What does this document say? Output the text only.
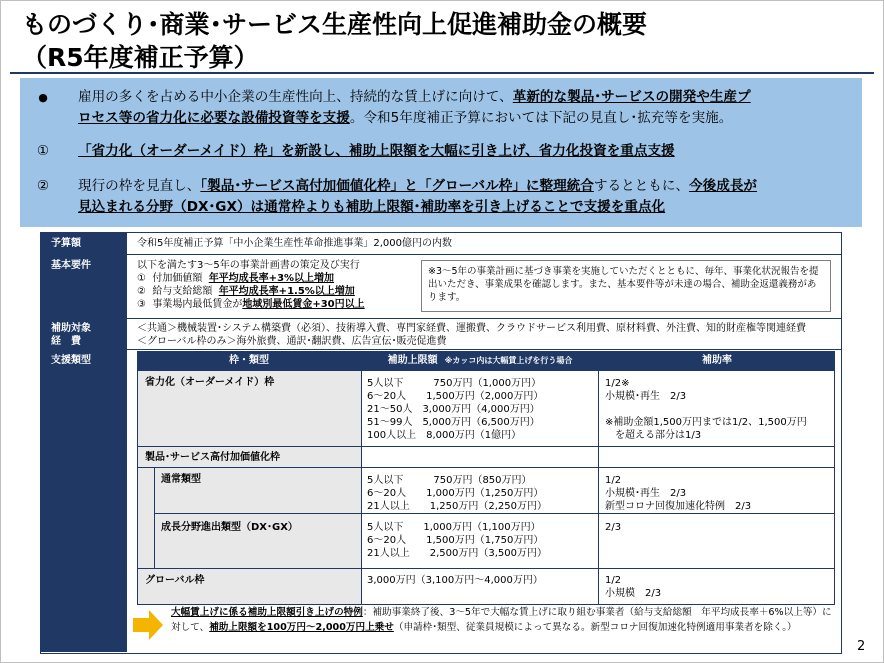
ものづくり･商業･サービス生産性向上促進補助金の概要
（R5年度補正予算）
●	雇用の多くを占める中小企業の生産性向上、持続的な賃上げに向けて、革新的な製品･サービスの開発や生産プ
ロセス等の省力化に必要な設備投資等を支援。令和5年度補正予算においては下記の見直し･拡充等を実施。
①	「省力化（オーダーメイド）枠」を新設し、補助上限額を大幅に引き上げ、省力化投資を重点支援
②	現行の枠を見直し、「製品･サービス高付加価値化枠」と「グローバル枠」に整理統合するとともに、今後成長が
見込まれる分野（DX･GX）は通常枠よりも補助上限額･補助率を引き上げることで支援を重点化
予算額	令和5年度補正予算「中小企業生産性革命推進事業」2,000億円の内数
基本要件	以下を満たす3～5年の事業計画書の策定及び実行
① 付加価値額 年平均成長率+3%以上増加
② 給与支給総額 年平均成長率+1.5%以上増加
③ 事業場内最低賃金が地域別最低賃金+30円以上
※3～5年の事業計画に基づき事業を実施していただくとともに、毎年、事業化状況報告を提出いただき、事業成果を確認します。また、基本要件等が未達の場合、補助金返還義務があります。
補助対象
経　費
＜共通＞機械装置･システム構築費（必須）、技術導入費、専門家経費、運搬費、クラウドサービス利用費、原材料費、外注費、知的財産権等関連経費
＜グローバル枠のみ＞海外旅費、通訳･翻訳費、広告宣伝･販売促進費
支援類型	枠・類型	補助上限額 ※カッコ内は大幅賃上げを行う場合	補助率
省力化（オーダーメイド）枠	5人以下　　　750万円（1,000万円）
6～20人　　1,500万円（2,000万円）
21～50人　3,000万円（4,000万円）
51～99人　5,000万円（6,500万円）
100人以上　8,000万円（1億円）
1/2※
小規模･再生　2/3
※補助金額1,500万円までは1/2、1,500万円
　を超える部分は1/3
製品･サービス高付加価値化枠
通常類型	5人以下　　　750万円（850万円）
6～20人　　1,000万円（1,250万円）
21人以上　　1,250万円（2,250万円）
1/2
小規模･再生　2/3
新型コロナ回復加速化特例　2/3
成長分野進出類型（DX･GX）	5人以下　　1,000万円（1,100万円）
6～20人　　1,500万円（1,750万円）
21人以上　　2,500万円（3,500万円）
2/3
グローバル枠	3,000万円（3,100万円～4,000万円）	1/2
小規模　2/3
大幅賃上げに係る補助上限額引き上げの特例：補助事業終了後、3～5年で大幅な賃上げに取り組む事業者（給与支給総額　年平均成長率＋6%以上等）に対して、補助上限額を100万円～2,000万円上乗せ（申請枠･類型、従業員規模によって異なる。新型コロナ回復加速化特例適用事業者を除く。）
2
